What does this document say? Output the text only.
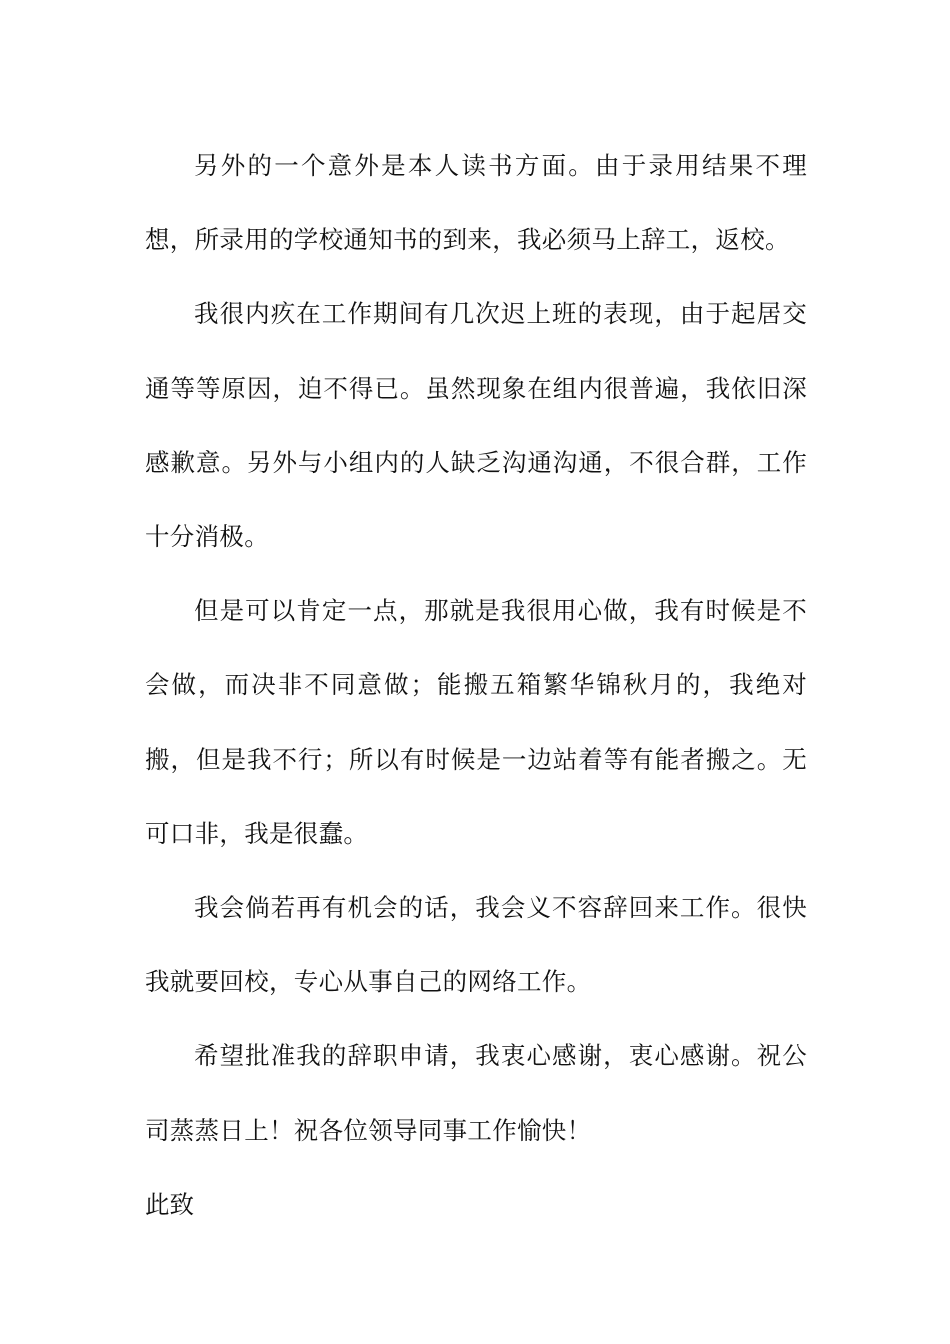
另外的一个意外是本人读书方面。由于录用结果不理想，所录用的学校通知书的到来，我必须马上辞工，返校。

我很内疚在工作期间有几次迟上班的表现，由于起居交通等等原因，迫不得已。虽然现象在组内很普遍，我依旧深感歉意。另外与小组内的人缺乏沟通沟通，不很合群，工作十分消极。

但是可以肯定一点，那就是我很用心做，我有时候是不会做，而决非不同意做；能搬五箱繁华锦秋月的，我绝对搬，但是我不行；所以有时候是一边站着等有能者搬之。无可口非，我是很蠢。

我会倘若再有机会的话，我会义不容辞回来工作。很快我就要回校，专心从事自己的网络工作。

希望批准我的辞职申请，我衷心感谢，衷心感谢。祝公司蒸蒸日上！祝各位领导同事工作愉快！

此致
